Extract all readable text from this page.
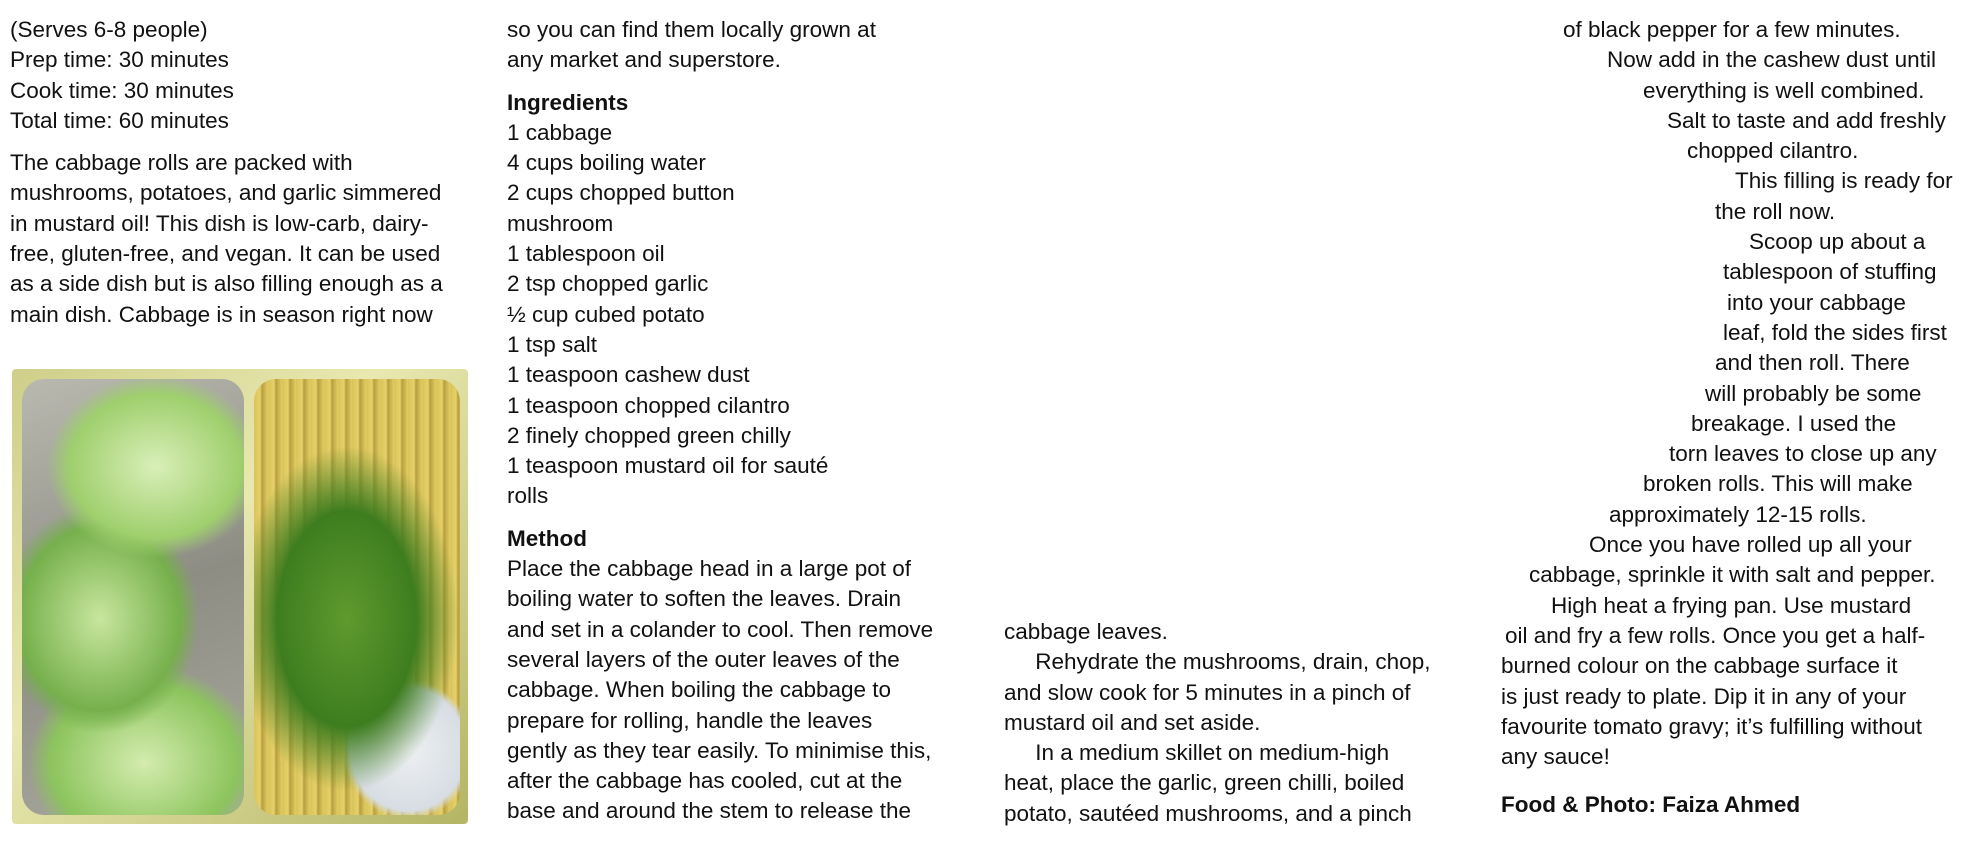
(Serves 6-8 people)
Prep time: 30 minutes
Cook time: 30 minutes
Total time: 60 minutes
The cabbage rolls are packed with
mushrooms, potatoes, and garlic simmered
in mustard oil! This dish is low-carb, dairy-
free, gluten-free, and vegan. It can be used
as a side dish but is also filling enough as a
main dish. Cabbage is in season right now
so you can find them locally grown at
any market and superstore.
Ingredients
1 cabbage
4 cups boiling water
2 cups chopped button
mushroom
1 tablespoon oil
2 tsp chopped garlic
½ cup cubed potato
1 tsp salt
1 teaspoon cashew dust
1 teaspoon chopped cilantro
2 finely chopped green chilly
1 teaspoon mustard oil for sauté
rolls
Method
Place the cabbage head in a large pot of
boiling water to soften the leaves. Drain
and set in a colander to cool. Then remove
several layers of the outer leaves of the
cabbage. When boiling the cabbage to
prepare for rolling, handle the leaves
gently as they tear easily. To minimise this,
after the cabbage has cooled, cut at the
base and around the stem to release the
cabbage leaves.
Rehydrate the mushrooms, drain, chop,
and slow cook for 5 minutes in a pinch of
mustard oil and set aside.
In a medium skillet on medium-high
heat, place the garlic, green chilli, boiled
potato, sautéed mushrooms, and a pinch
of black pepper for a few minutes.
Now add in the cashew dust until
everything is well combined.
Salt to taste and add freshly
chopped cilantro.
This filling is ready for
the roll now.
Scoop up about a
tablespoon of stuffing
into your cabbage
leaf, fold the sides first
and then roll. There
will probably be some
breakage. I used the
torn leaves to close up any
broken rolls. This will make
approximately 12-15 rolls.
Once you have rolled up all your
cabbage, sprinkle it with salt and pepper.
High heat a frying pan. Use mustard
oil and fry a few rolls. Once you get a half-
burned colour on the cabbage surface it
is just ready to plate. Dip it in any of your
favourite tomato gravy; it’s fulfilling without
any sauce!
Food & Photo: Faiza Ahmed
